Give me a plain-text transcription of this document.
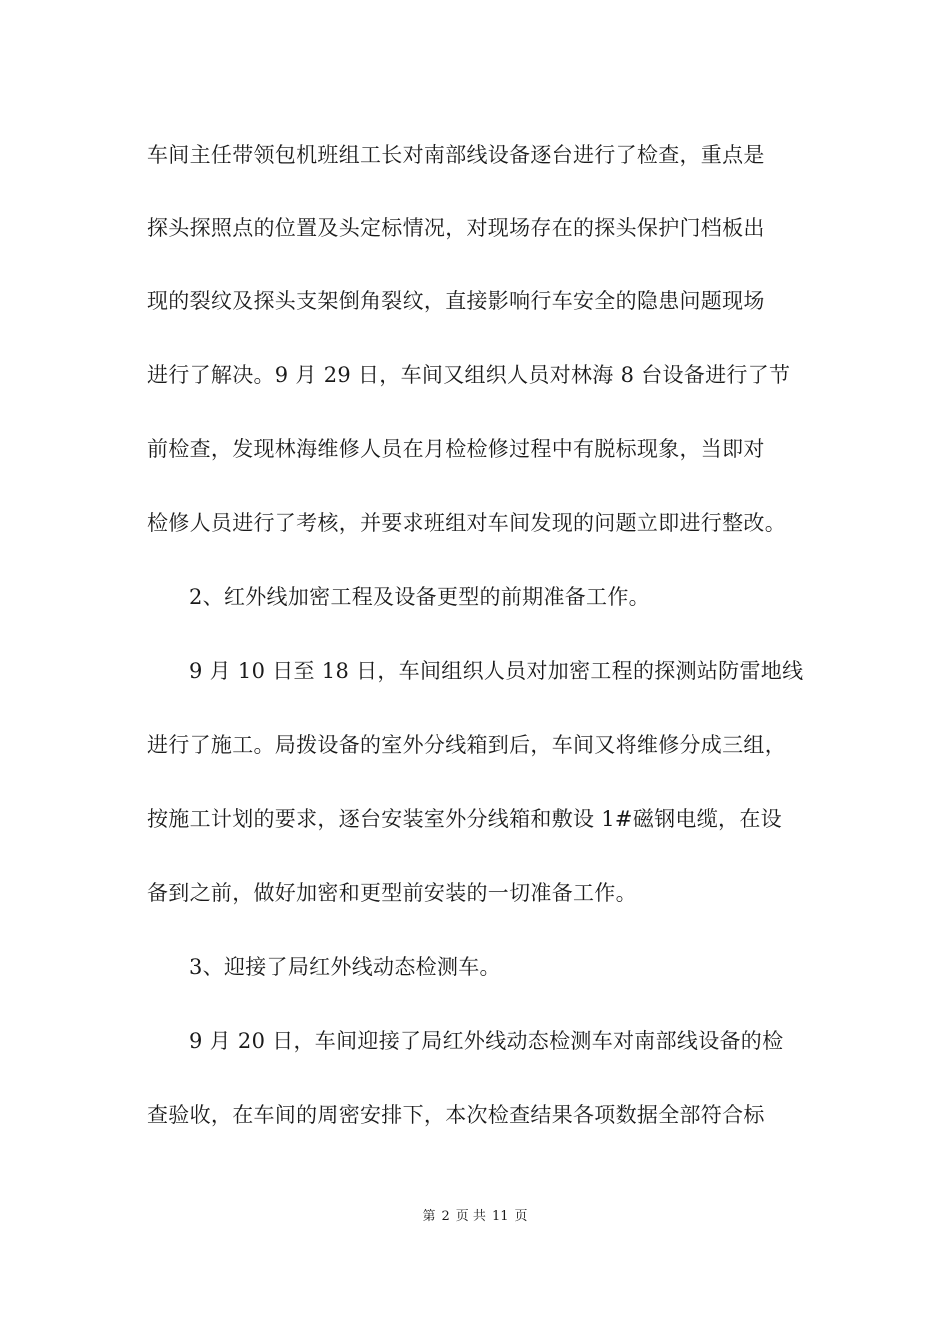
车间主任带领包机班组工长对南部线设备逐台进行了检查，重点是
探头探照点的位置及头定标情况，对现场存在的探头保护门档板出
现的裂纹及探头支架倒角裂纹，直接影响行车安全的隐患问题现场
进行了解决。9 月 29 日，车间又组织人员对林海 8 台设备进行了节
前检查，发现林海维修人员在月检检修过程中有脱标现象，当即对
检修人员进行了考核，并要求班组对车间发现的问题立即进行整改。
2、红外线加密工程及设备更型的前期准备工作。
9 月 10 日至 18 日，车间组织人员对加密工程的探测站防雷地线
进行了施工。局拨设备的室外分线箱到后，车间又将维修分成三组，
按施工计划的要求，逐台安装室外分线箱和敷设 1#磁钢电缆，在设
备到之前，做好加密和更型前安装的一切准备工作。
3、迎接了局红外线动态检测车。
9 月 20 日，车间迎接了局红外线动态检测车对南部线设备的检
查验收，在车间的周密安排下，本次检查结果各项数据全部符合标
第 2 页 共 11 页
